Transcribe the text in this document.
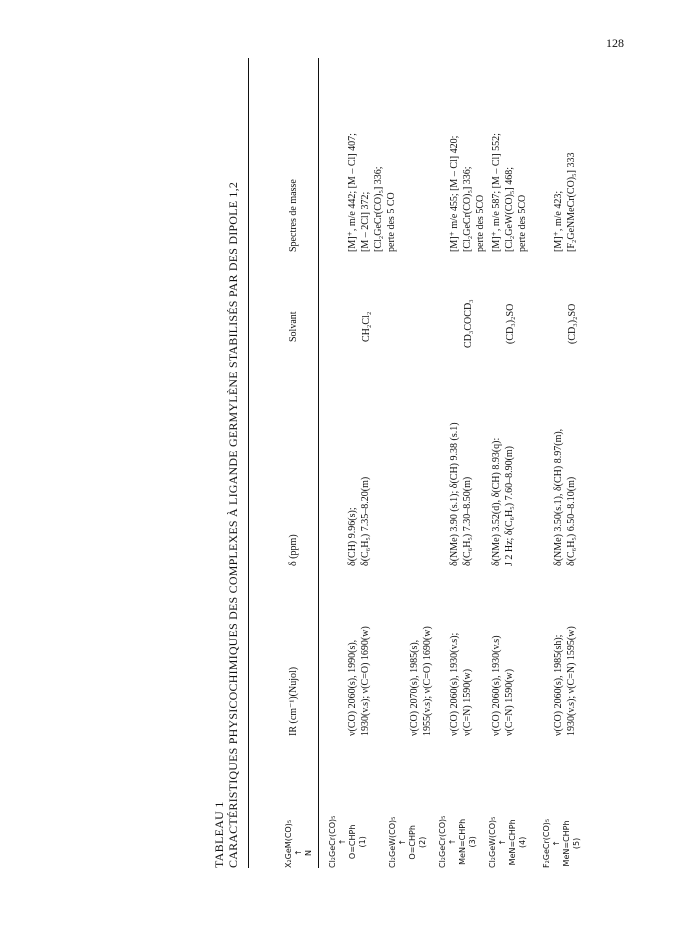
128
TABLEAU 1 CARACTÉRISTIQUES PHYSICOCHIMIQUES DES COMPLEXES À LIGANDE GERMYLÈNE STABILISÉS PAR DES DIPOLE 1,2	X₂GeM(CO)₅ ↑ N
IR (cm⁻¹)(Nujol)
δ (ppm)
Solvant
Spectres de masse
Cl₂GeCr(CO)₅ ↑ O=CHPh (1)
ν(CO) 2060(s), 1990(s), 1930(v.s); ν(C=O) 1690(w)
δ(CH) 9.96(s); δ(C₆H₅) 7.35–8.20(m)
CH₂Cl₂
[M]⁺, m/e 442; [M – Cl] 407; [M – 2Cl] 372; [Cl₂GeCr(CO)₅] 336; perte des 5 CO
Cl₂GeW(CO)₅ ↑ O=CHPh (2)
ν(CO) 2070(s), 1985(s), 1955(v.s); ν(C=O) 1690(w)
Cl₂GeCr(CO)₅ ↑ MeN=CHPh (3)
ν(CO) 2060(s), 1930(v.s); ν(C=N) 1590(w)
δ(NMe) 3.90 (s.1); δ(CH) 9.38 (s.1) δ(C₆H₅) 7.30–8.50(m)
CD₃COCD₃
[M]⁺ m/e 455; [M – Cl] 420; [Cl₂GeCr(CO)₅] 336; perte des 5CO
Cl₂GeW(CO)₅ ↑ MeN=CHPh (4)
ν(CO) 2060(s), 1930(v.s) ν(C=N) 1590(w)
δ(NMe) 3.52(d), δ(CH) 8.93(q): J 2 Hz; δ(C₆H₅) 7.60–8.90(m)
(CD₃)₂SO
[M]⁺, m/e 587; [M – Cl] 552; [Cl₂GeW(CO)₅] 468; perte des 5CO
F₂GeCr(CO)₅ ↑ MeN=CHPh (5)
ν(CO) 2060(s), 1985(sh); 1930(v.s); ν(C=N) 1595(w)
δ(NMe) 3.50(s.1), δ(CH) 8.97(m), δ(C₆H₅) 6.50–8.10(m)
(CD₃)₂SO
[M]⁺, m/e 423; [F₂GeNMeCr(CO)₅] 333
